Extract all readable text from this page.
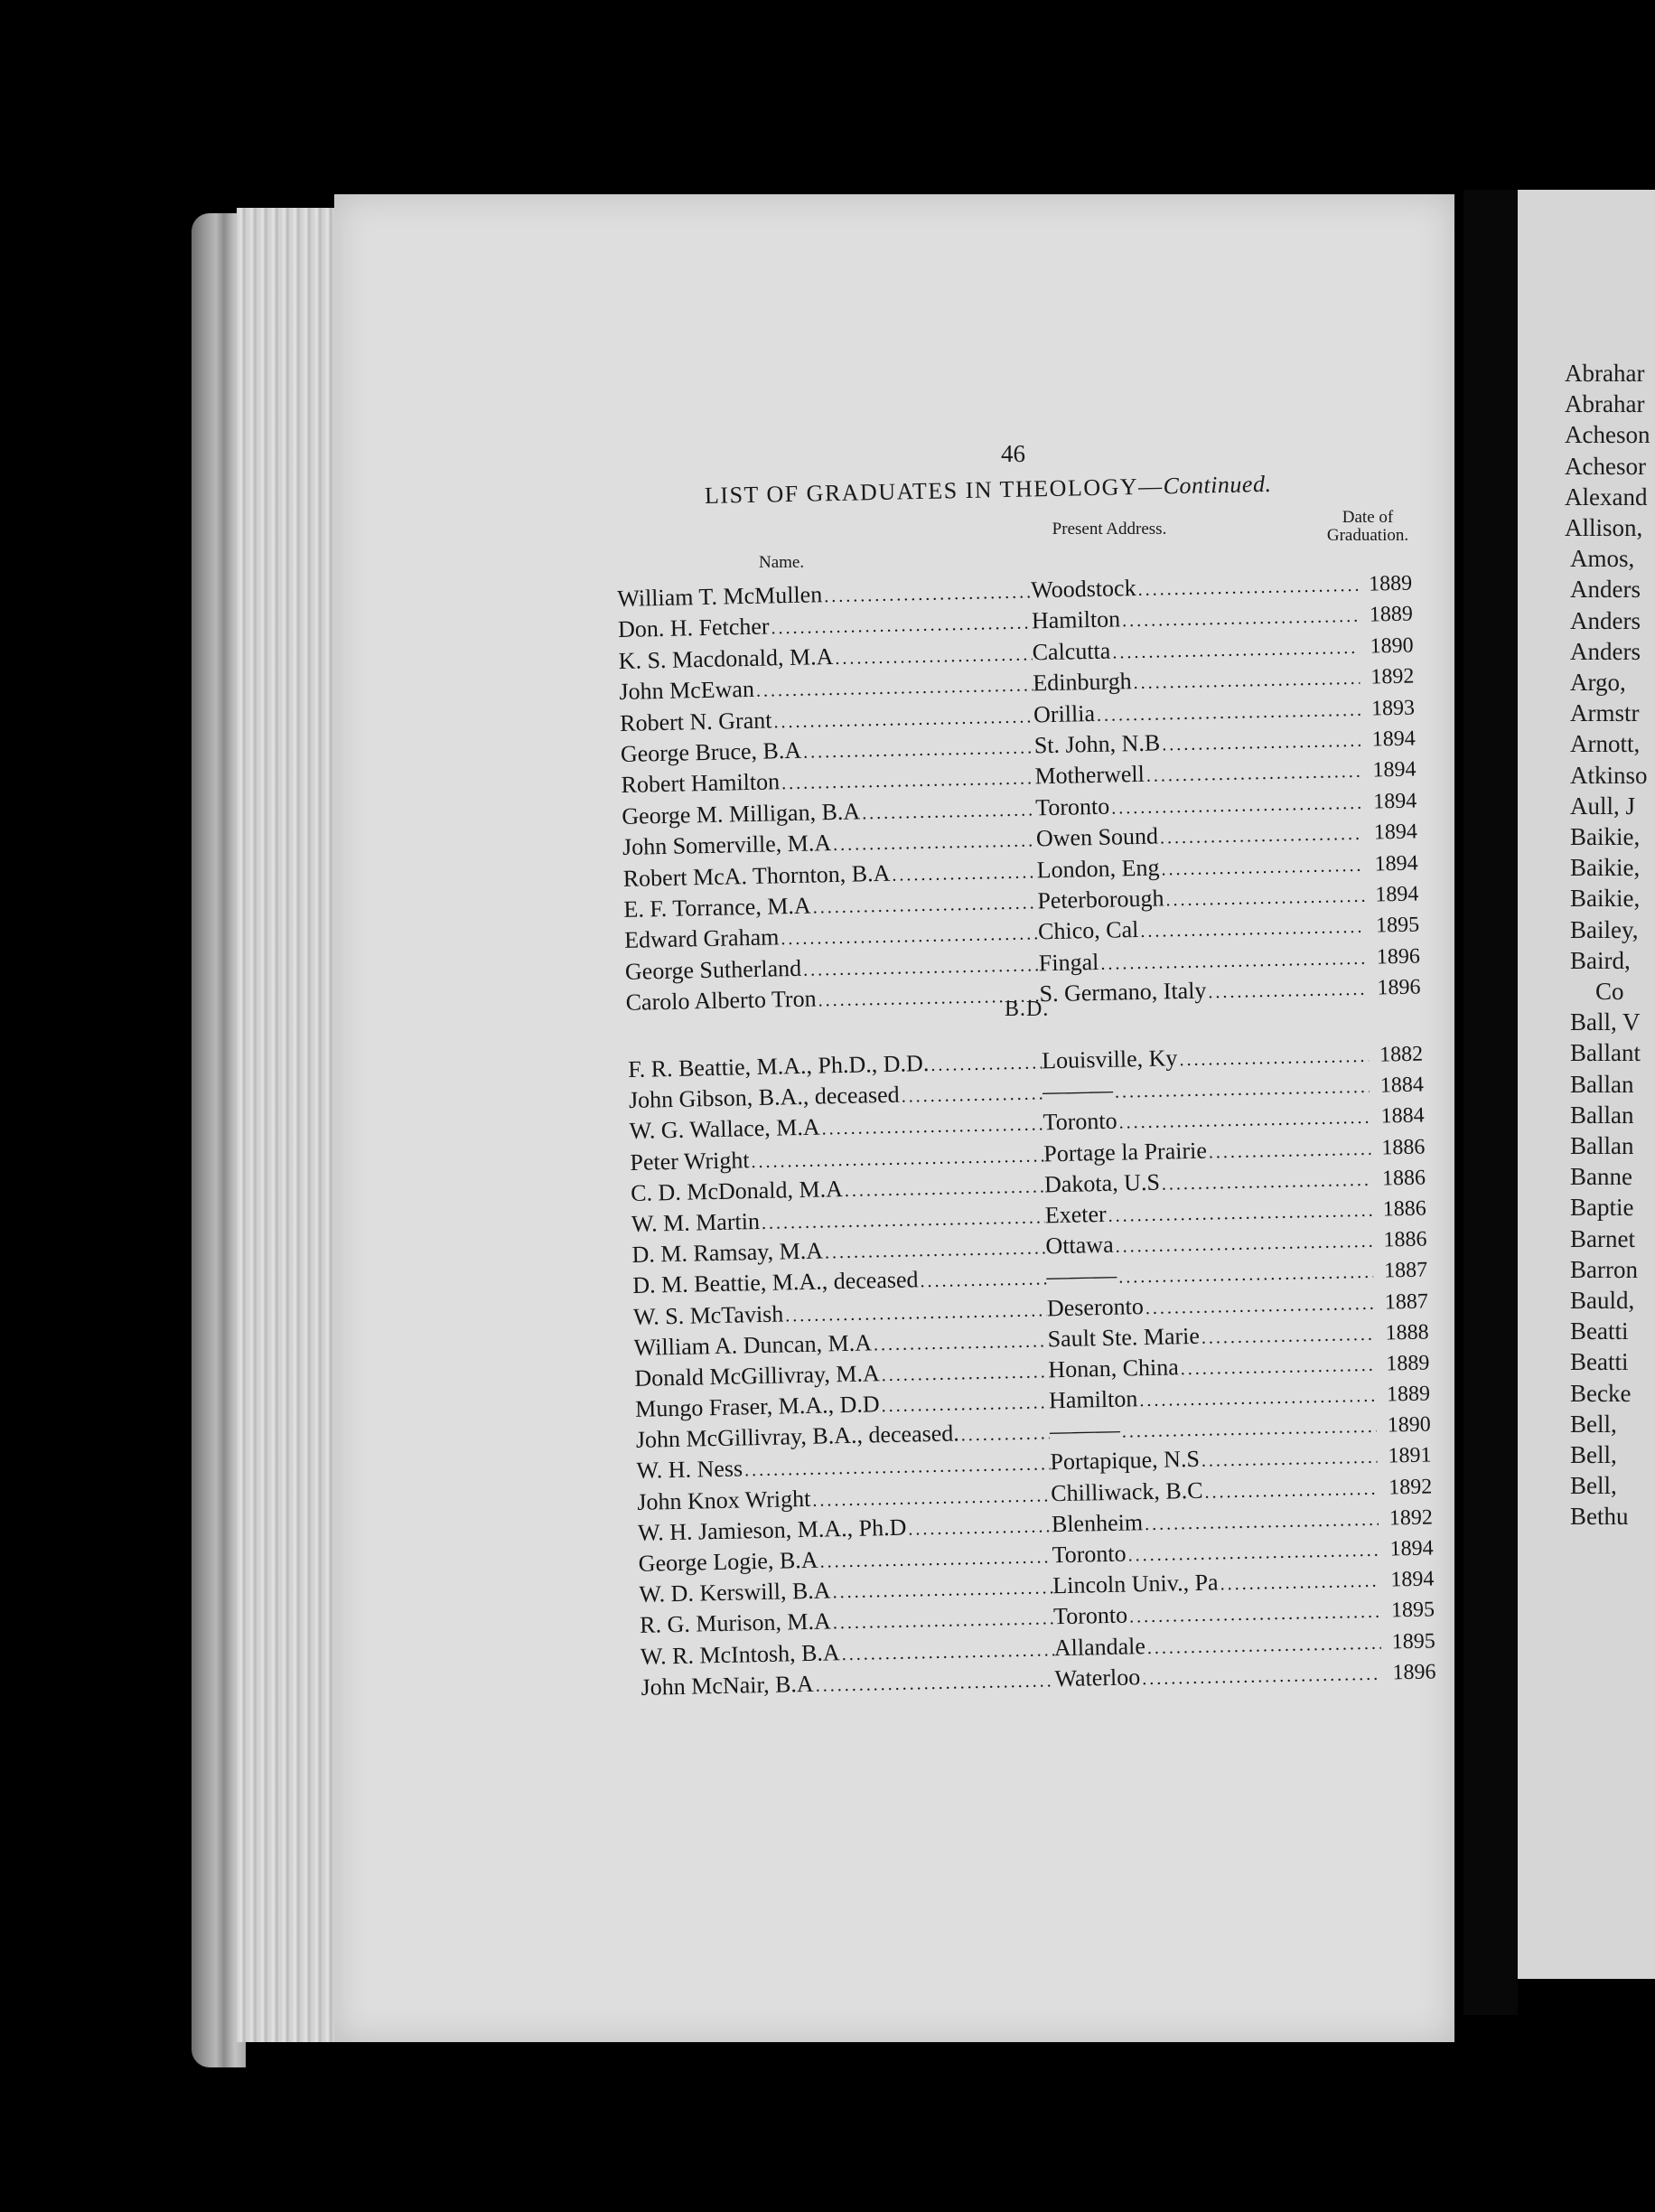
46
LIST OF GRADUATES IN THEOLOGY—Continued.
Name.
Present Address.
Date of Graduation.
William T. McMullen .....	Woodstock .....	1889
Don. H. Fetcher .....	Hamilton .....	1889
K. S. Macdonald, M.A .....	Calcutta .....	1890
John McEwan .....	Edinburgh .....	1892
Robert N. Grant .....	Orillia .....	1893
George Bruce, B.A .....	St. John, N.B .....	1894
Robert Hamilton .....	Motherwell .....	1894
George M. Milligan, B.A .....	Toronto .....	1894
John Somerville, M.A .....	Owen Sound .....	1894
Robert McA. Thornton, B.A .....	London, Eng .....	1894
E. F. Torrance, M.A .....	Peterborough .....	1894
Edward Graham .....	Chico, Cal .....	1895
George Sutherland .....	Fingal .....	1896
Carolo Alberto Tron .....	S. Germano, Italy .....	1896
B.D.
F. R. Beattie, M.A., Ph.D., D.D. .....	Louisville, Ky .....	1882
John Gibson, B.A., deceased .....	——— .....	1884
W. G. Wallace, M.A .....	Toronto .....	1884
Peter Wright .....	Portage la Prairie .....	1886
C. D. McDonald, M.A .....	Dakota, U.S .....	1886
W. M. Martin .....	Exeter .....	1886
D. M. Ramsay, M.A .....	Ottawa .....	1886
D. M. Beattie, M.A., deceased .....	——— .....	1887
W. S. McTavish .....	Deseronto .....	1887
William A. Duncan, M.A .....	Sault Ste. Marie .....	1888
Donald McGillivray, M.A .....	Honan, China .....	1889
Mungo Fraser, M.A., D.D .....	Hamilton .....	1889
John McGillivray, B.A., deceased. .....	——— .....	1890
W. H. Ness .....	Portapique, N.S .....	1891
John Knox Wright .....	Chilliwack, B.C .....	1892
W. H. Jamieson, M.A., Ph.D .....	Blenheim .....	1892
George Logie, B.A .....	Toronto .....	1894
W. D. Kerswill, B.A .....	Lincoln Univ., Pa .....	1894
R. G. Murison, M.A .....	Toronto .....	1895
W. R. McIntosh, B.A .....	Allandale .....	1895
John McNair, B.A .....	Waterloo .....	1896
Abrahar
Abrahar
Acheson
Achesor
Alexand
Allison,
Amos,
Anders
Anders
Anders
Argo,
Armstr
Arnott,
Atkinso
Aull, J
Baikie,
Baikie,
Baikie,
Bailey,
Baird,
Co
Ball, V
Ballant
Ballan
Ballan
Ballan
Banne
Baptie
Barnet
Barron
Bauld,
Beatti
Beatti
Becke
Bell,
Bell,
Bell,
Bethu
